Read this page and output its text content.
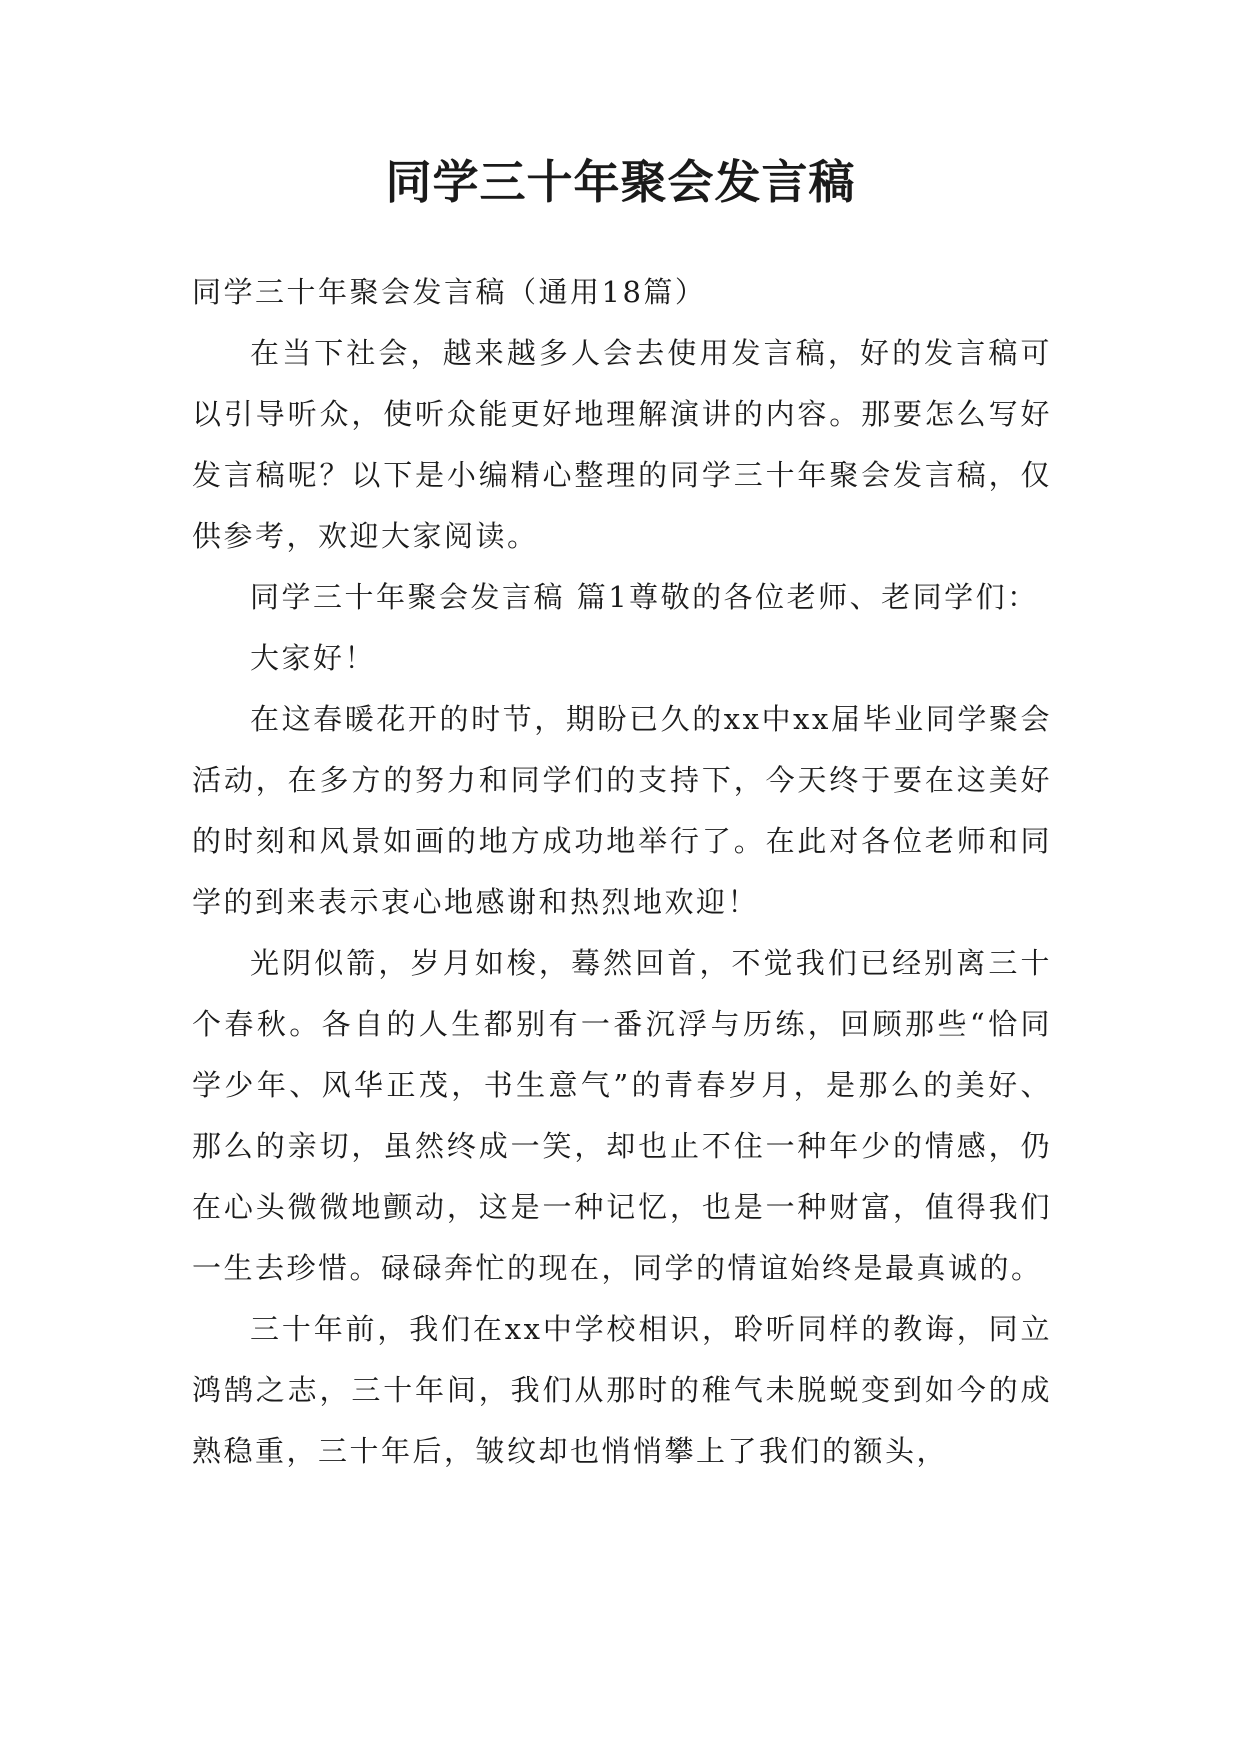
同学三十年聚会发言稿

同学三十年聚会发言稿（通用18篇）

在当下社会，越来越多人会去使用发言稿，好的发言稿可以引导听众，使听众能更好地理解演讲的内容。那要怎么写好发言稿呢？以下是小编精心整理的同学三十年聚会发言稿，仅供参考，欢迎大家阅读。

同学三十年聚会发言稿 篇1尊敬的各位老师、老同学们：

大家好！

在这春暖花开的时节，期盼已久的xx中xx届毕业同学聚会活动，在多方的努力和同学们的支持下，今天终于要在这美好的时刻和风景如画的地方成功地举行了。在此对各位老师和同学的到来表示衷心地感谢和热烈地欢迎！

光阴似箭，岁月如梭，蓦然回首，不觉我们已经别离三十个春秋。各自的人生都别有一番沉浮与历练，回顾那些“恰同学少年、风华正茂，书生意气”的青春岁月，是那么的美好、那么的亲切，虽然终成一笑，却也止不住一种年少的情感，仍在心头微微地颤动，这是一种记忆，也是一种财富，值得我们一生去珍惜。碌碌奔忙的现在，同学的情谊始终是最真诚的。

三十年前，我们在xx中学校相识，聆听同样的教诲，同立鸿鹄之志，三十年间，我们从那时的稚气未脱蜕变到如今的成熟稳重，三十年后，皱纹却也悄悄攀上了我们的额头，
